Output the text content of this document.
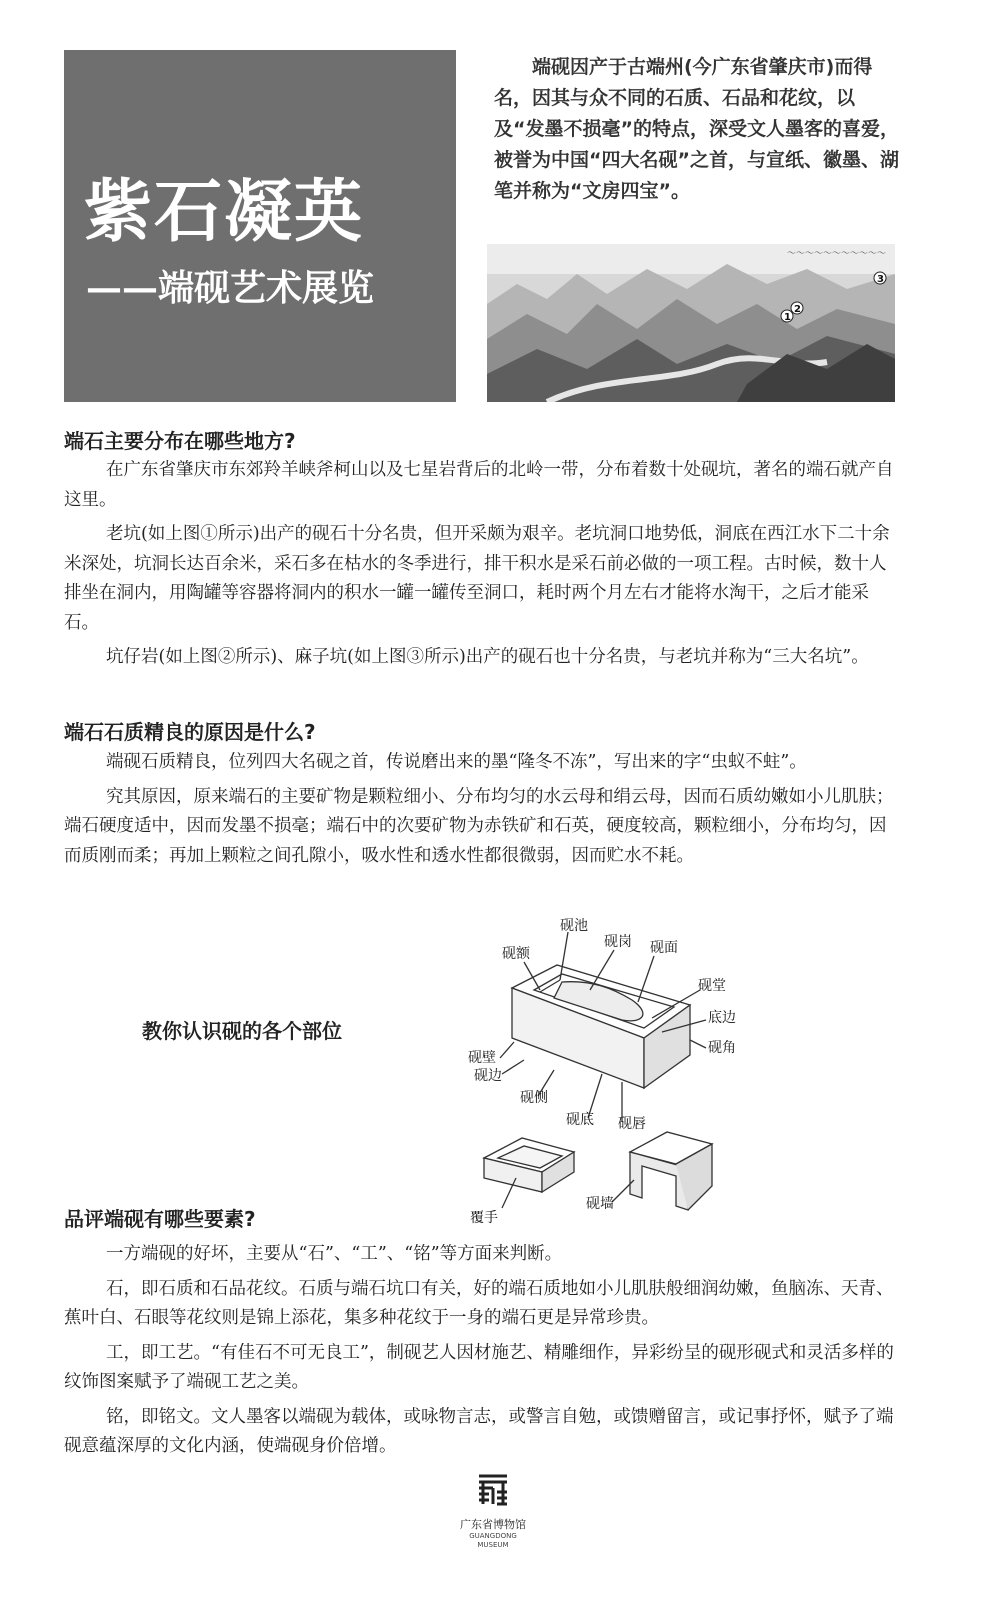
紫石凝英
——端砚艺术展览

端砚因产于古端州(今广东省肇庆市)而得名，因其与众不同的石质、石品和花纹，以及“发墨不损毫”的特点，深受文人墨客的喜爱，被誉为中国“四大名砚”之首，与宣纸、徽墨、湖笔并称为“文房四宝”。

〜〜〜〜〜〜〜〜〜〜〜
1
2
3
端石主要分布在哪些地方?

在广东省肇庆市东郊羚羊峡斧柯山以及七星岩背后的北岭一带，分布着数十处砚坑，著名的端石就产自这里。

老坑(如上图①所示)出产的砚石十分名贵，但开采颇为艰辛。老坑洞口地势低，洞底在西江水下二十余米深处，坑洞长达百余米，采石多在枯水的冬季进行，排干积水是采石前必做的一项工程。古时候，数十人排坐在洞内，用陶罐等容器将洞内的积水一罐一罐传至洞口，耗时两个月左右才能将水淘干，之后才能采石。

坑仔岩(如上图②所示)、麻子坑(如上图③所示)出产的砚石也十分名贵，与老坑并称为“三大名坑”。

端石石质精良的原因是什么?

端砚石质精良，位列四大名砚之首，传说磨出来的墨“隆冬不冻”，写出来的字“虫蚁不蛀”。

究其原因，原来端石的主要矿物是颗粒细小、分布均匀的水云母和绢云母，因而石质幼嫩如小儿肌肤；端石硬度适中，因而发墨不损毫；端石中的次要矿物为赤铁矿和石英，硬度较高，颗粒细小，分布均匀，因而质刚而柔；再加上颗粒之间孔隙小，吸水性和透水性都很微弱，因而贮水不耗。

教你认识砚的各个部位
砚池
砚额
砚岗 砚面
砚堂
底边
砚角
砚壁
砚边
砚侧
砚底 砚唇
覆手
砚墙
品评端砚有哪些要素?

一方端砚的好坏，主要从“石”、“工”、“铭”等方面来判断。

石，即石质和石品花纹。石质与端石坑口有关，好的端石质地如小儿肌肤般细润幼嫩，鱼脑冻、天青、蕉叶白、石眼等花纹则是锦上添花，集多种花纹于一身的端石更是异常珍贵。

工，即工艺。“有佳石不可无良工”，制砚艺人因材施艺、精雕细作，异彩纷呈的砚形砚式和灵活多样的纹饰图案赋予了端砚工艺之美。

铭，即铭文。文人墨客以端砚为载体，或咏物言志，或警言自勉，或馈赠留言，或记事抒怀，赋予了端砚意蕴深厚的文化内涵，使端砚身价倍增。

广东省博物馆
GUANGDONG
MUSEUM
